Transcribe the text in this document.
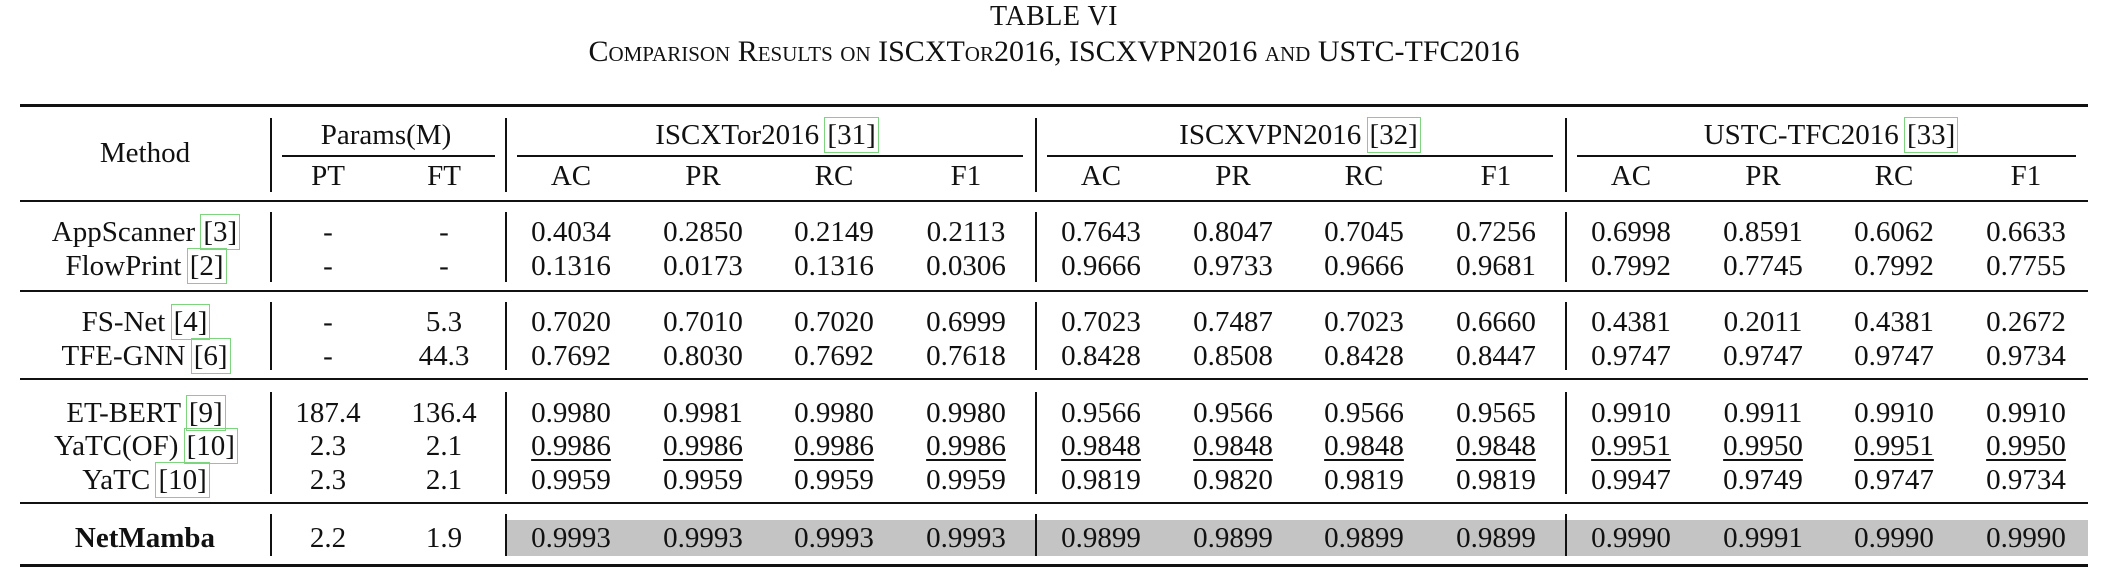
TABLE VI
Comparison Results on ISCXTor2016, ISCXVPN2016 and USTC-TFC2016
Method
Params(M)
PT	FT
ISCXTor2016 [31]
AC	PR	RC	F1
ISCXVPN2016 [32]
AC	PR	RC	F1
USTC-TFC2016 [33]
AC	PR	RC	F1
AppScanner [3]	-	-	0.4034	0.2850	0.2149	0.2113	0.7643	0.8047	0.7045	0.7256	0.6998	0.8591	0.6062	0.6633
FlowPrint [2]	-	-	0.1316	0.0173	0.1316	0.0306	0.9666	0.9733	0.9666	0.9681	0.7992	0.7745	0.7992	0.7755
FS-Net [4]	-	5.3	0.7020	0.7010	0.7020	0.6999	0.7023	0.7487	0.7023	0.6660	0.4381	0.2011	0.4381	0.2672
TFE-GNN [6]	-	44.3	0.7692	0.8030	0.7692	0.7618	0.8428	0.8508	0.8428	0.8447	0.9747	0.9747	0.9747	0.9734
ET-BERT [9]	187.4	136.4	0.9980	0.9981	0.9980	0.9980	0.9566	0.9566	0.9566	0.9565	0.9910	0.9911	0.9910	0.9910
YaTC(OF) [10]	2.3	2.1	0.9986	0.9986	0.9986	0.9986	0.9848	0.9848	0.9848	0.9848	0.9951	0.9950	0.9951	0.9950
YaTC [10]	2.3	2.1	0.9959	0.9959	0.9959	0.9959	0.9819	0.9820	0.9819	0.9819	0.9947	0.9749	0.9747	0.9734
NetMamba	2.2	1.9	0.9993	0.9993	0.9993	0.9993	0.9899	0.9899	0.9899	0.9899	0.9990	0.9991	0.9990	0.9990
